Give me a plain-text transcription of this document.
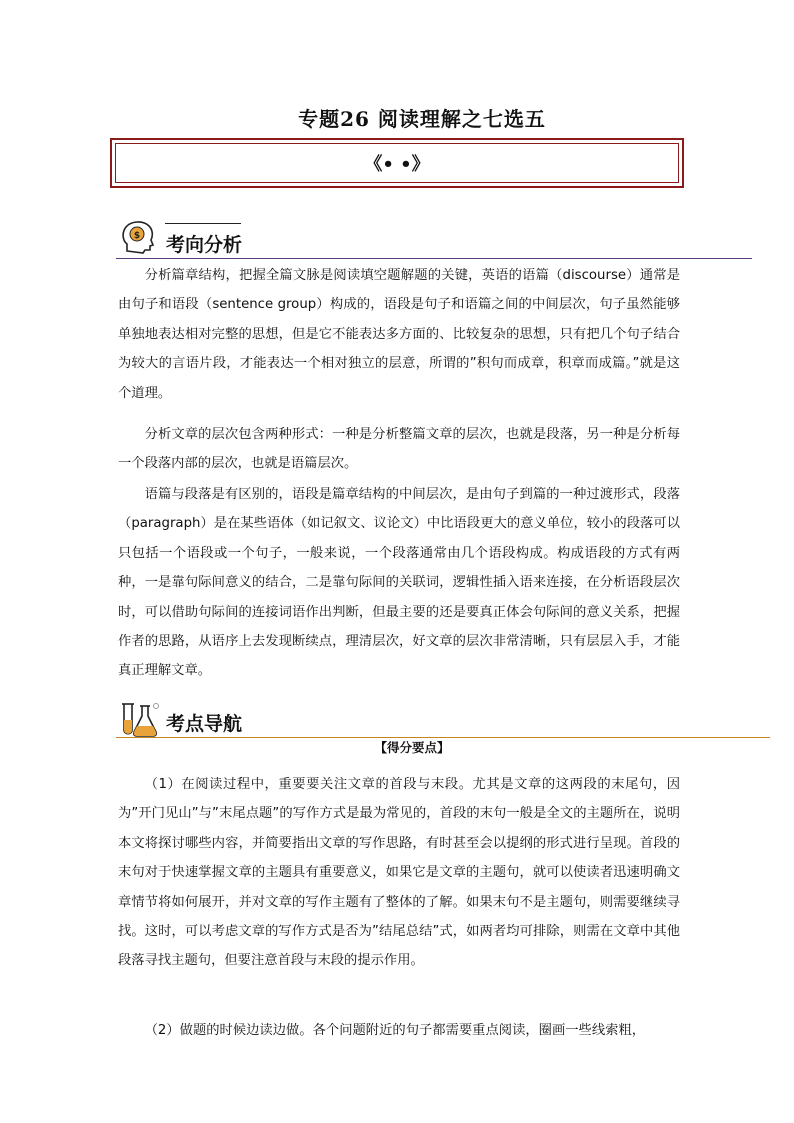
专题26 阅读理解之七选五
《• •》
$ 考向分析
分析篇章结构，把握全篇文脉是阅读填空题解题的关键，英语的语篇（discourse）通常是由句子和语段（sentence group）构成的，语段是句子和语篇之间的中间层次，句子虽然能够单独地表达相对完整的思想，但是它不能表达多方面的、比较复杂的思想，只有把几个句子结合为较大的言语片段，才能表达一个相对独立的层意，所谓的”积句而成章，积章而成篇。”就是这个道理。
分析文章的层次包含两种形式：一种是分析整篇文章的层次，也就是段落，另一种是分析每一个段落内部的层次，也就是语篇层次。
语篇与段落是有区别的，语段是篇章结构的中间层次，是由句子到篇的一种过渡形式，段落（paragraph）是在某些语体（如记叙文、议论文）中比语段更大的意义单位，较小的段落可以只包括一个语段或一个句子，一般来说，一个段落通常由几个语段构成。构成语段的方式有两种，一是靠句际间意义的结合，二是靠句际间的关联词，逻辑性插入语来连接，在分析语段层次时，可以借助句际间的连接词语作出判断，但最主要的还是要真正体会句际间的意义关系，把握作者的思路，从语序上去发现断续点，理清层次，好文章的层次非常清晰，只有层层入手，才能真正理解文章。
考点导航
【得分要点】
（1）在阅读过程中，重要要关注文章的首段与末段。尤其是文章的这两段的末尾句，因为”开门见山”与”末尾点题”的写作方式是最为常见的，首段的末句一般是全文的主题所在，说明本文将探讨哪些内容，并简要指出文章的写作思路，有时甚至会以提纲的形式进行呈现。首段的末句对于快速掌握文章的主题具有重要意义，如果它是文章的主题句，就可以使读者迅速明确文章情节将如何展开，并对文章的写作主题有了整体的了解。如果末句不是主题句，则需要继续寻找。这时，可以考虑文章的写作方式是否为”结尾总结”式，如两者均可排除，则需在文章中其他段落寻找主题句，但要注意首段与末段的提示作用。
（2）做题的时候边读边做。各个问题附近的句子都需要重点阅读，圈画一些线索粗，
